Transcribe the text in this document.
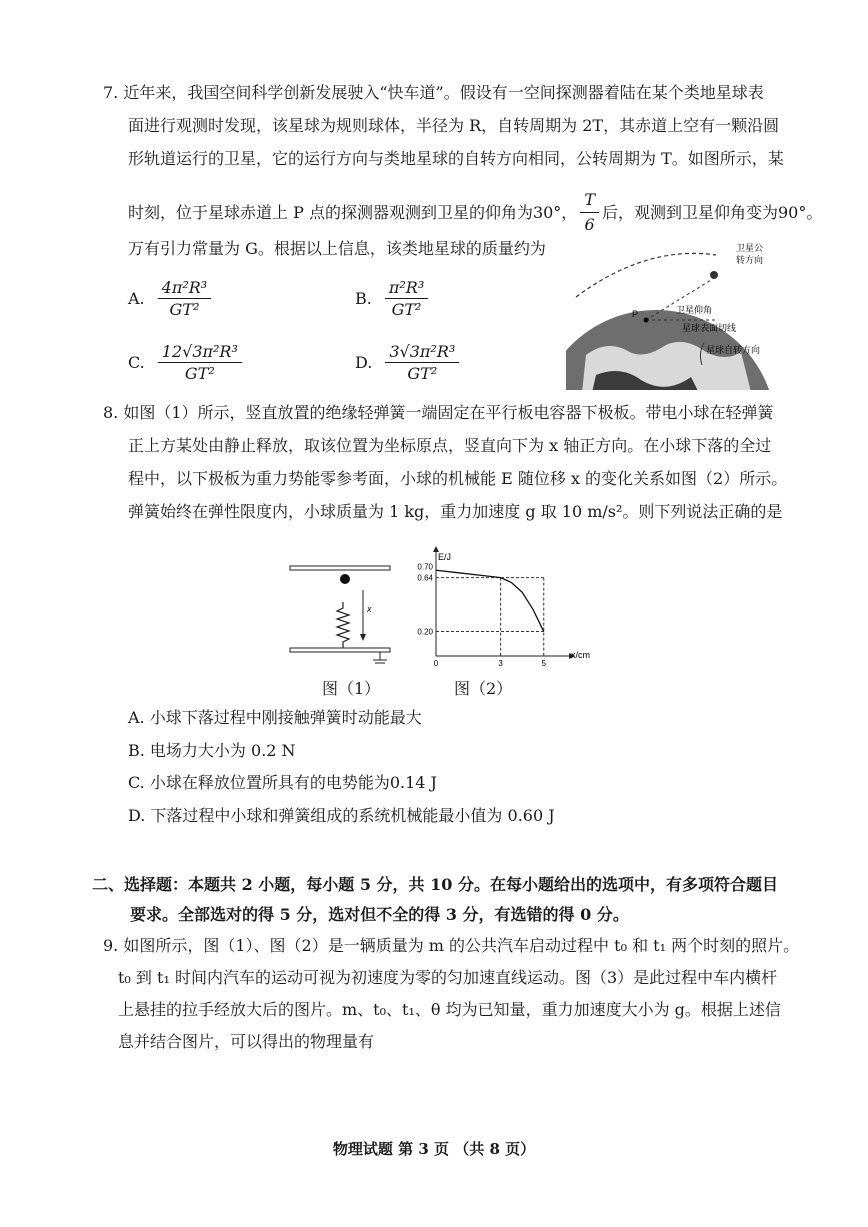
7. 近年来，我国空间科学创新发展驶入“快车道”。假设有一空间探测器着陆在某个类地星球表
面进行观测时发现，该星球为规则球体，半径为 R，自转周期为 2T，其赤道上空有一颗沿圆
形轨道运行的卫星，它的运行方向与类地星球的自转方向相同，公转周期为 T。如图所示，某
时刻，位于星球赤道上 P 点的探测器观测到卫星的仰角为30°， $\frac{T}{6}$ 后，观测到卫星仰角变为90°。
万有引力常量为 G。根据以上信息，该类地星球的质量约为
A. $\frac{\text{4π²R³}}{\text{GT²}}$	B. $\frac{\text{π²R³}}{\text{GT²}}$
C. $\frac{\text{12√3π²R³}}{\text{GT²}}$	D. $\frac{\text{3√3π²R³}}{\text{GT²}}$
P
卫星公
转方向
卫星仰角
星球表面切线
星球自转方向
8. 如图（1）所示，竖直放置的绝缘轻弹簧一端固定在平行板电容器下极板。带电小球在轻弹簧
正上方某处由静止释放，取该位置为坐标原点，竖直向下为 x 轴正方向。在小球下落的全过
程中，以下极板为重力势能零参考面，小球的机械能 E 随位移 x 的变化关系如图（2）所示。
弹簧始终在弹性限度内，小球质量为 1 kg，重力加速度 g 取 10 m/s²。则下列说法正确的是
x
图（1）
E/J
x/cm
0.70
0.64
0.20
0	3	5
图（2）
A. 小球下落过程中刚接触弹簧时动能最大
B. 电场力大小为 0.2 N
C. 小球在释放位置所具有的电势能为0.14 J
D. 下落过程中小球和弹簧组成的系统机械能最小值为 0.60 J
二、选择题：本题共 2 小题，每小题 5 分，共 10 分。在每小题给出的选项中，有多项符合题目
要求。全部选对的得 5 分，选对但不全的得 3 分，有选错的得 0 分。
9. 如图所示，图（1）、图（2）是一辆质量为 m 的公共汽车启动过程中 t₀ 和 t₁ 两个时刻的照片。
t₀ 到 t₁ 时间内汽车的运动可视为初速度为零的匀加速直线运动。图（3）是此过程中车内横杆
上悬挂的拉手经放大后的图片。m、t₀、t₁、θ 均为已知量，重力加速度大小为 g。根据上述信
息并结合图片，可以得出的物理量有
物理试题 第 3 页 （共 8 页）
